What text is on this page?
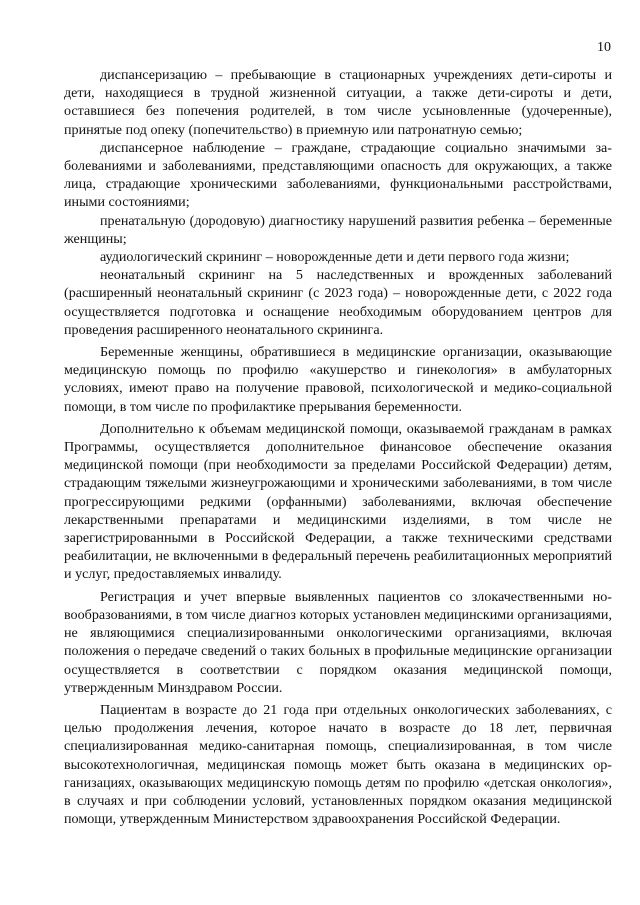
10

диспансеризацию – пребывающие в стационарных учреждениях дети-сироты и дети, находящиеся в трудной жизненной ситуации, а также дети-сироты и дети, оставшиеся без попечения родителей, в том числе усыновленные (удочеренные), принятые под опеку (попечительство) в приемную или патронатную семью;

диспансерное наблюдение – граждане, страдающие социально значимыми заболеваниями и заболеваниями, представляющими опасность для окружающих, а также лица, страдающие хроническими заболеваниями, функциональными расстройствами, иными состояниями;

пренатальную (дородовую) диагностику нарушений развития ребенка – беременные женщины;

аудиологический скрининг – новорожденные дети и дети первого года жизни;

неонатальный скрининг на 5 наследственных и врожденных заболеваний (расширенный неонатальный скрининг (с 2023 года) – новорожденные дети, с 2022 года осуществляется подготовка и оснащение необходимым оборудованием центров для проведения расширенного неонатального скрининга.

Беременные женщины, обратившиеся в медицинские организации, оказывающие медицинскую помощь по профилю «акушерство и гинекология» в амбулаторных условиях, имеют право на получение правовой, психологической и медико-социальной помощи, в том числе по профилактике прерывания беременности.

Дополнительно к объемам медицинской помощи, оказываемой гражданам в рамках Программы, осуществляется дополнительное финансовое обеспечение оказания медицинской помощи (при необходимости за пределами Российской Федерации) детям, страдающим тяжелыми жизнеугрожающими и хроническими заболеваниями, в том числе прогрессирующими редкими (орфанными) заболеваниями, включая обеспечение лекарственными препаратами и медицинскими изделиями, в том числе не зарегистрированными в Российской Федерации, а также техническими средствами реабилитации, не включенными в федеральный перечень реабилитационных мероприятий и услуг, предоставляемых инвалиду.

Регистрация и учет впервые выявленных пациентов со злокачественными новообразованиями, в том числе диагноз которых установлен медицинскими организациями, не являющимися специализированными онкологическими организациями, включая положения о передаче сведений о таких больных в профильные медицинские организации осуществляется в соответствии с порядком оказания медицинской помощи, утвержденным Минздравом России.

Пациентам в возрасте до 21 года при отдельных онкологических заболеваниях, с целью продолжения лечения, которое начато в возрасте до 18 лет, первичная специализированная медико-санитарная помощь, специализированная, в том числе высокотехнологичная, медицинская помощь может быть оказана в медицинских организациях, оказывающих медицинскую помощь детям по профилю «детская онкология», в случаях и при соблюдении условий, установленных порядком оказания медицинской помощи, утвержденным Министерством здравоохранения Российской Федерации.
